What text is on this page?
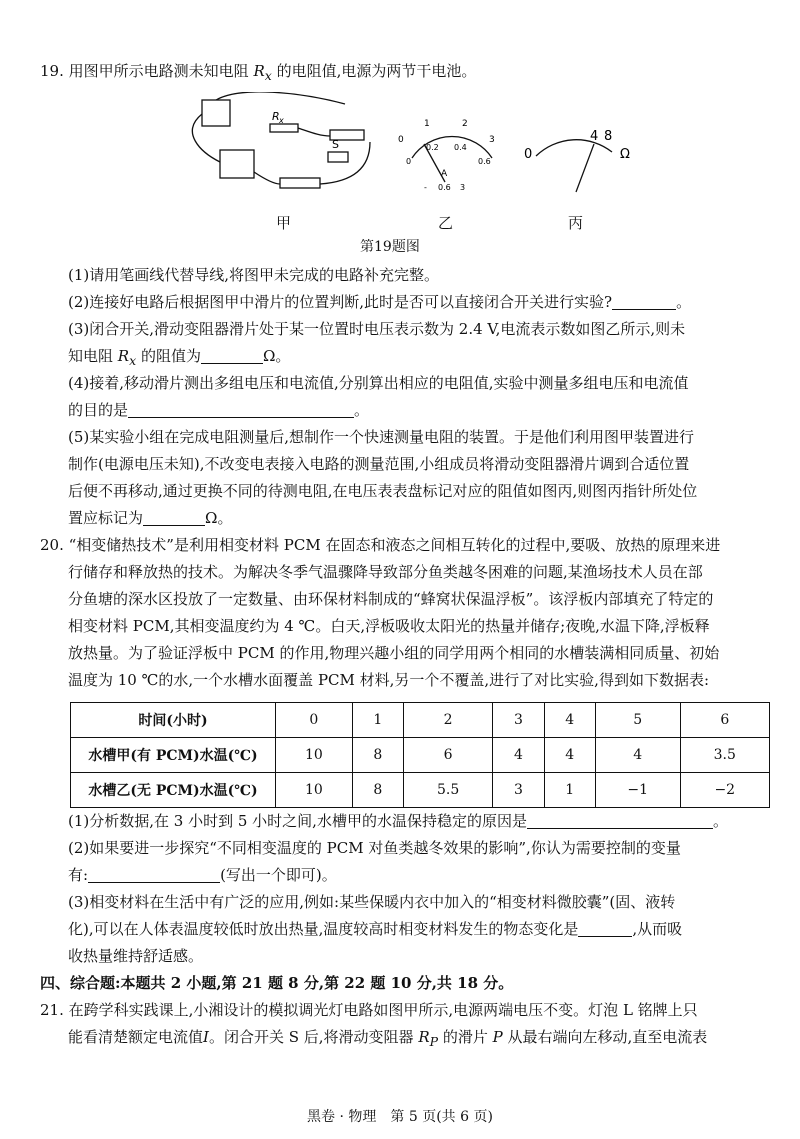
19. 用图甲所示电路测未知电阻 $R_x$ 的电阻值,电源为两节干电池。
R x
S	0
1	2
3
0
0.2 0.4
0.6
A
- 0.6 3
0
4 8
Ω
甲	乙	丙
第19题图
(1)请用笔画线代替导线,将图甲未完成的电路补充完整。
(2)连接好电路后根据图甲中滑片的位置判断,此时是否可以直接闭合开关进行实验?	。
(3)闭合开关,滑动变阻器滑片处于某一位置时电压表示数为 2.4 V,电流表示数如图乙所示,则未
知电阻 $R_x$ 的阻值为	Ω。
(4)接着,移动滑片测出多组电压和电流值,分别算出相应的电阻值,实验中测量多组电压和电流值
的目的是	。
(5)某实验小组在完成电阻测量后,想制作一个快速测量电阻的装置。于是他们利用图甲装置进行
制作(电源电压未知),不改变电表接入电路的测量范围,小组成员将滑动变阻器滑片调到合适位置
后便不再移动,通过更换不同的待测电阻,在电压表表盘标记对应的阻值如图丙,则图丙指针所处位
置应标记为	Ω。
20. “相变储热技术”是利用相变材料 PCM 在固态和液态之间相互转化的过程中,要吸、放热的原理来进
行储存和释放热的技术。为解决冬季气温骤降导致部分鱼类越冬困难的问题,某渔场技术人员在部
分鱼塘的深水区投放了一定数量、由环保材料制成的“蜂窝状保温浮板”。该浮板内部填充了特定的
相变材料 PCM,其相变温度约为 4 ℃。白天,浮板吸收太阳光的热量并储存;夜晚,水温下降,浮板释
放热量。为了验证浮板中 PCM 的作用,物理兴趣小组的同学用两个相同的水槽装满相同质量、初始
温度为 10 ℃的水,一个水槽水面覆盖 PCM 材料,另一个不覆盖,进行了对比实验,得到如下数据表:
时间(小时)	0	1	2	3	4	5	6
水槽甲(有 PCM)水温(℃)	10	8	6	4	4	4	3.5
水槽乙(无 PCM)水温(℃)	10	8	5.5	3	1	−1	−2
(1)分析数据,在 3 小时到 5 小时之间,水槽甲的水温保持稳定的原因是	。
(2)如果要进一步探究“不同相变温度的 PCM 对鱼类越冬效果的影响”,你认为需要控制的变量
有:	(写出一个即可)。
(3)相变材料在生活中有广泛的应用,例如:某些保暖内衣中加入的“相变材料微胶囊”(固、液转
化),可以在人体表温度较低时放出热量,温度较高时相变材料发生的物态变化是	,从而吸
收热量维持舒适感。
四、综合题:本题共 2 小题,第 21 题 8 分,第 22 题 10 分,共 18 分。
21. 在跨学科实践课上,小湘设计的模拟调光灯电路如图甲所示,电源两端电压不变。灯泡 L 铭牌上只
能看清楚额定电流值I。闭合开关 S 后,将滑动变阻器 $R_P$ 的滑片 P 从最右端向左移动,直至电流表
黑卷 · 物理　第 5 页(共 6 页)
